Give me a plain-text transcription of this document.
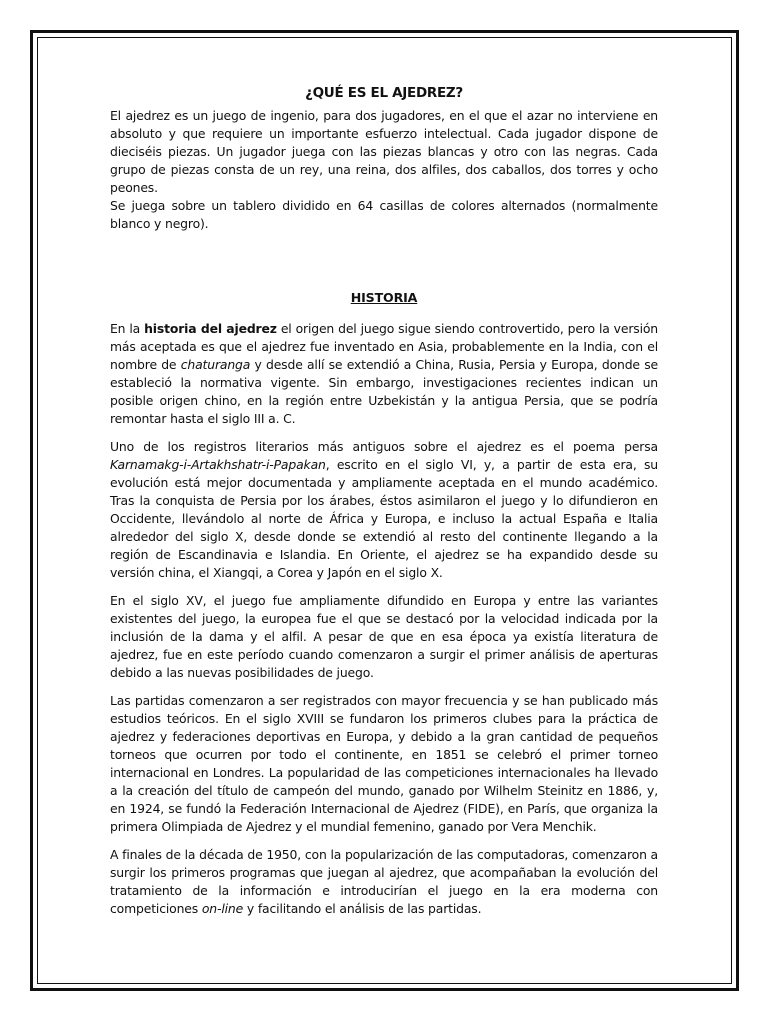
¿QUÉ ES EL AJEDREZ?

El ajedrez es un juego de ingenio, para dos jugadores, en el que el azar no interviene en absoluto y que requiere un importante esfuerzo intelectual. Cada jugador dispone de dieciséis piezas. Un jugador juega con las piezas blancas y otro con las negras. Cada grupo de piezas consta de un rey, una reina, dos alfiles, dos caballos, dos torres y ocho peones.

Se juega sobre un tablero dividido en 64 casillas de colores alternados (normalmente blanco y negro).

HISTORIA

En la historia del ajedrez el origen del juego sigue siendo controvertido, pero la versión más aceptada es que el ajedrez fue inventado en Asia, probablemente en la India, con el nombre de chaturanga y desde allí se extendió a China, Rusia, Persia y Europa, donde se estableció la normativa vigente. Sin embargo, investigaciones recientes indican un posible origen chino, en la región entre Uzbekistán y la antigua Persia, que se podría remontar hasta el siglo III a. C.

Uno de los registros literarios más antiguos sobre el ajedrez es el poema persa Karnamakg-i-Artakhshatr-i-Papakan, escrito en el siglo VI, y, a partir de esta era, su evolución está mejor documentada y ampliamente aceptada en el mundo académico. Tras la conquista de Persia por los árabes, éstos asimilaron el juego y lo difundieron en Occidente, llevándolo al norte de África y Europa, e incluso la actual España e Italia alrededor del siglo X, desde donde se extendió al resto del continente llegando a la región de Escandinavia e Islandia. En Oriente, el ajedrez se ha expandido desde su versión china, el Xiangqi, a Corea y Japón en el siglo X.

En el siglo XV, el juego fue ampliamente difundido en Europa y entre las variantes existentes del juego, la europea fue el que se destacó por la velocidad indicada por la inclusión de la dama y el alfil. A pesar de que en esa época ya existía literatura de ajedrez, fue en este período cuando comenzaron a surgir el primer análisis de aperturas debido a las nuevas posibilidades de juego.

Las partidas comenzaron a ser registrados con mayor frecuencia y se han publicado más estudios teóricos. En el siglo XVIII se fundaron los primeros clubes para la práctica de ajedrez y federaciones deportivas en Europa, y debido a la gran cantidad de pequeños torneos que ocurren por todo el continente, en 1851 se celebró el primer torneo internacional en Londres. La popularidad de las competiciones internacionales ha llevado a la creación del título de campeón del mundo, ganado por Wilhelm Steinitz en 1886, y, en 1924, se fundó la Federación Internacional de Ajedrez (FIDE), en París, que organiza la primera Olimpiada de Ajedrez y el mundial femenino, ganado por Vera Menchik.

A finales de la década de 1950, con la popularización de las computadoras, comenzaron a surgir los primeros programas que juegan al ajedrez, que acompañaban la evolución del tratamiento de la información e introducirían el juego en la era moderna con competiciones on-line y facilitando el análisis de las partidas.
